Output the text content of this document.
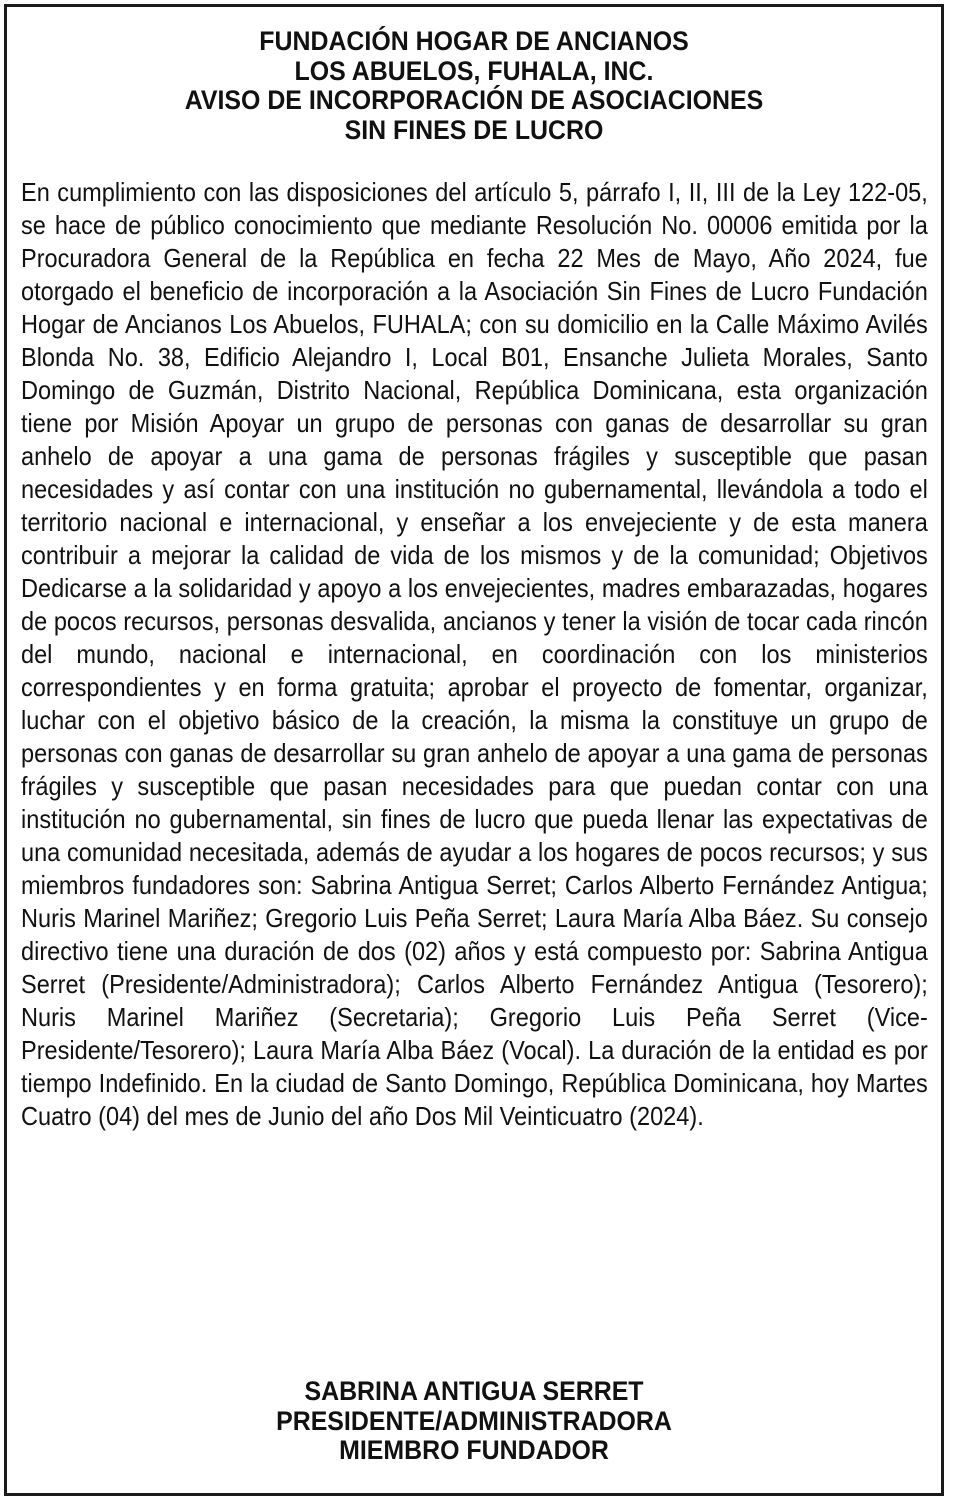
FUNDACIÓN HOGAR DE ANCIANOS
LOS ABUELOS, FUHALA, INC.
AVISO DE INCORPORACIÓN DE ASOCIACIONES
SIN FINES DE LUCRO
En cumplimiento con las disposiciones del artículo 5, párrafo I, II, III de la Ley 122-05, se hace de público conocimiento que mediante Resolución No. 00006 emitida por la Procuradora General de la República en fecha 22 Mes de Mayo, Año 2024, fue otorgado el beneficio de incorporación a la Asociación Sin Fines de Lucro Fundación Hogar de Ancianos Los Abuelos, FUHALA; con su domicilio en la Calle Máximo Avilés Blonda No. 38, Edificio Alejandro I, Local B01, Ensanche Julieta Morales, Santo Domingo de Guzmán, Distrito Nacional, República Dominicana, esta organización tiene por Misión Apoyar un grupo de personas con ganas de desarrollar su gran anhelo de apoyar a una gama de personas frágiles y susceptible que pasan necesidades y así contar con una institución no gubernamental, llevándola a todo el territorio nacional e internacional, y enseñar a los envejeciente y de esta manera contribuir a mejorar la calidad de vida de los mismos y de la comunidad; Objetivos Dedicarse a la solidaridad y apoyo a los envejecientes, madres embarazadas, hogares de pocos recursos, personas desvalida, ancianos y tener la visión de tocar cada rincón del mundo, nacional e internacional, en coordinación con los ministerios correspondientes y en forma gratuita; aprobar el proyecto de fomentar, organizar, luchar con el objetivo básico de la creación, la misma la constituye un grupo de personas con ganas de desarrollar su gran anhelo de apoyar a una gama de personas frágiles y susceptible que pasan necesidades para que puedan contar con una institución no gubernamental, sin fines de lucro que pueda llenar las expectativas de una comunidad necesitada, además de ayudar a los hogares de pocos recursos; y sus miembros fundadores son: Sabrina Antigua Serret; Carlos Alberto Fernández Antigua; Nuris Marinel Mariñez; Gregorio Luis Peña Serret; Laura María Alba Báez. Su consejo directivo tiene una duración de dos (02) años y está compuesto por: Sabrina Antigua Serret (Presidente/Administradora); Carlos Alberto Fernández Antigua (Tesorero); Nuris Marinel Mariñez (Secretaria); Gregorio Luis Peña Serret (Vice-Presidente/Tesorero); Laura María Alba Báez (Vocal). La duración de la entidad es por tiempo Indefinido. En la ciudad de Santo Domingo, República Dominicana, hoy Martes Cuatro (04) del mes de Junio del año Dos Mil Veinticuatro (2024).
SABRINA ANTIGUA SERRET
PRESIDENTE/ADMINISTRADORA
MIEMBRO FUNDADOR
